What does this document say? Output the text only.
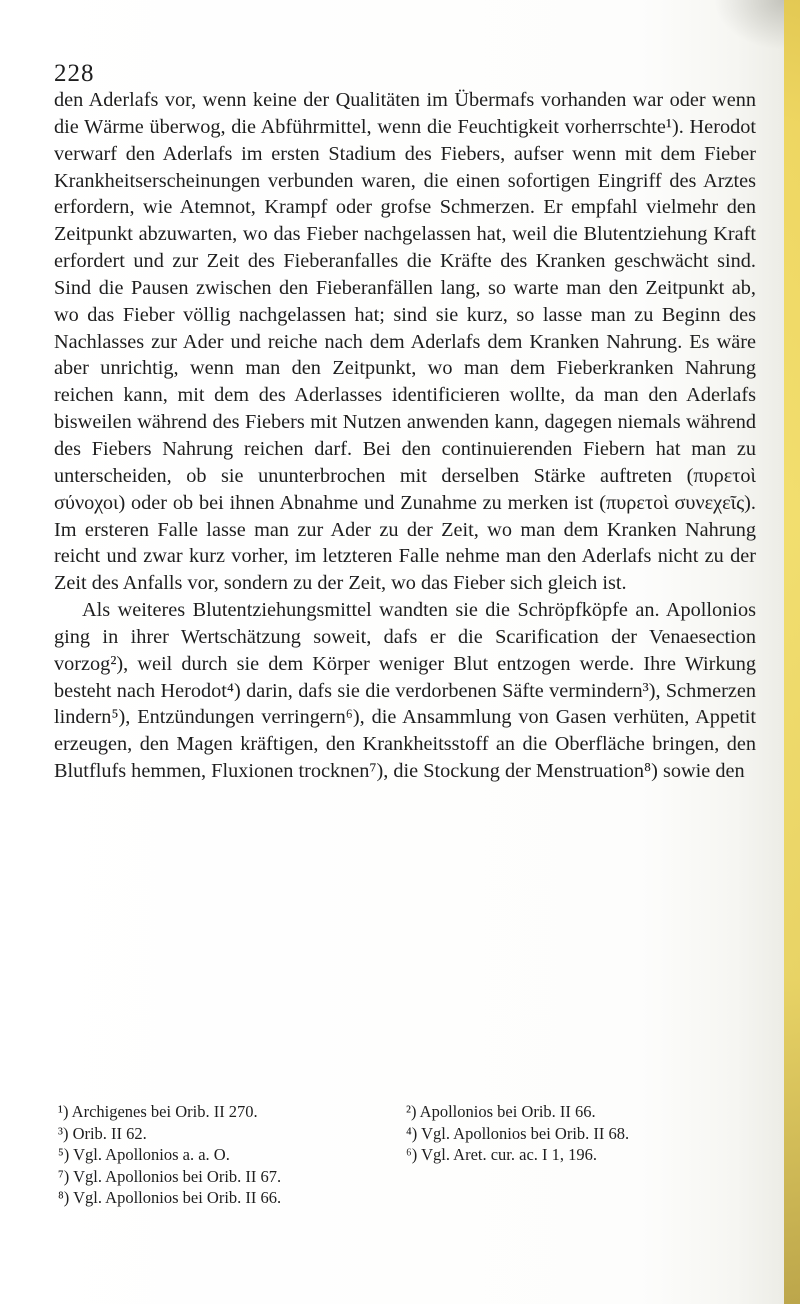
228

den Aderlafs vor, wenn keine der Qualitäten im Übermafs vorhanden war oder wenn die Wärme überwog, die Abführmittel, wenn die Feuchtigkeit vorherrschte¹). Herodot verwarf den Aderlafs im ersten Stadium des Fiebers, aufser wenn mit dem Fieber Krankheitserscheinungen verbunden waren, die einen sofortigen Eingriff des Arztes erfordern, wie Atemnot, Krampf oder grofse Schmerzen. Er empfahl vielmehr den Zeitpunkt abzuwarten, wo das Fieber nachgelassen hat, weil die Blutentziehung Kraft erfordert und zur Zeit des Fieberanfalles die Kräfte des Kranken geschwächt sind. Sind die Pausen zwischen den Fieberanfällen lang, so warte man den Zeitpunkt ab, wo das Fieber völlig nachgelassen hat; sind sie kurz, so lasse man zu Beginn des Nachlasses zur Ader und reiche nach dem Aderlafs dem Kranken Nahrung. Es wäre aber unrichtig, wenn man den Zeitpunkt, wo man dem Fieberkranken Nahrung reichen kann, mit dem des Aderlasses identificieren wollte, da man den Aderlafs bisweilen während des Fiebers mit Nutzen anwenden kann, dagegen niemals während des Fiebers Nahrung reichen darf. Bei den continuierenden Fiebern hat man zu unterscheiden, ob sie ununterbrochen mit derselben Stärke auftreten (πυρετοὶ σύνοχοι) oder ob bei ihnen Abnahme und Zunahme zu merken ist (πυρετοὶ συνεχεῖς). Im ersteren Falle lasse man zur Ader zu der Zeit, wo man dem Kranken Nahrung reicht und zwar kurz vorher, im letzteren Falle nehme man den Aderlafs nicht zu der Zeit des Anfalls vor, sondern zu der Zeit, wo das Fieber sich gleich ist.

Als weiteres Blutentziehungsmittel wandten sie die Schröpfköpfe an. Apollonios ging in ihrer Wertschätzung soweit, dafs er die Scarification der Venaesection vorzog²), weil durch sie dem Körper weniger Blut entzogen werde. Ihre Wirkung besteht nach Herodot⁴) darin, dafs sie die verdorbenen Säfte vermindern³), Schmerzen lindern⁵), Entzündungen verringern⁶), die Ansammlung von Gasen verhüten, Appetit erzeugen, den Magen kräftigen, den Krankheitsstoff an die Oberfläche bringen, den Blutflufs hemmen, Fluxionen trocknen⁷), die Stockung der Menstruation⁸) sowie den

¹) Archigenes bei Orib. II 270.	²) Apollonios bei Orib. II 66.
³) Orib. II 62.	⁴) Vgl. Apollonios bei Orib. II 68.
⁵) Vgl. Apollonios a. a. O.	⁶) Vgl. Aret. cur. ac. I 1, 196.
⁷) Vgl. Apollonios bei Orib. II 67.
⁸) Vgl. Apollonios bei Orib. II 66.
